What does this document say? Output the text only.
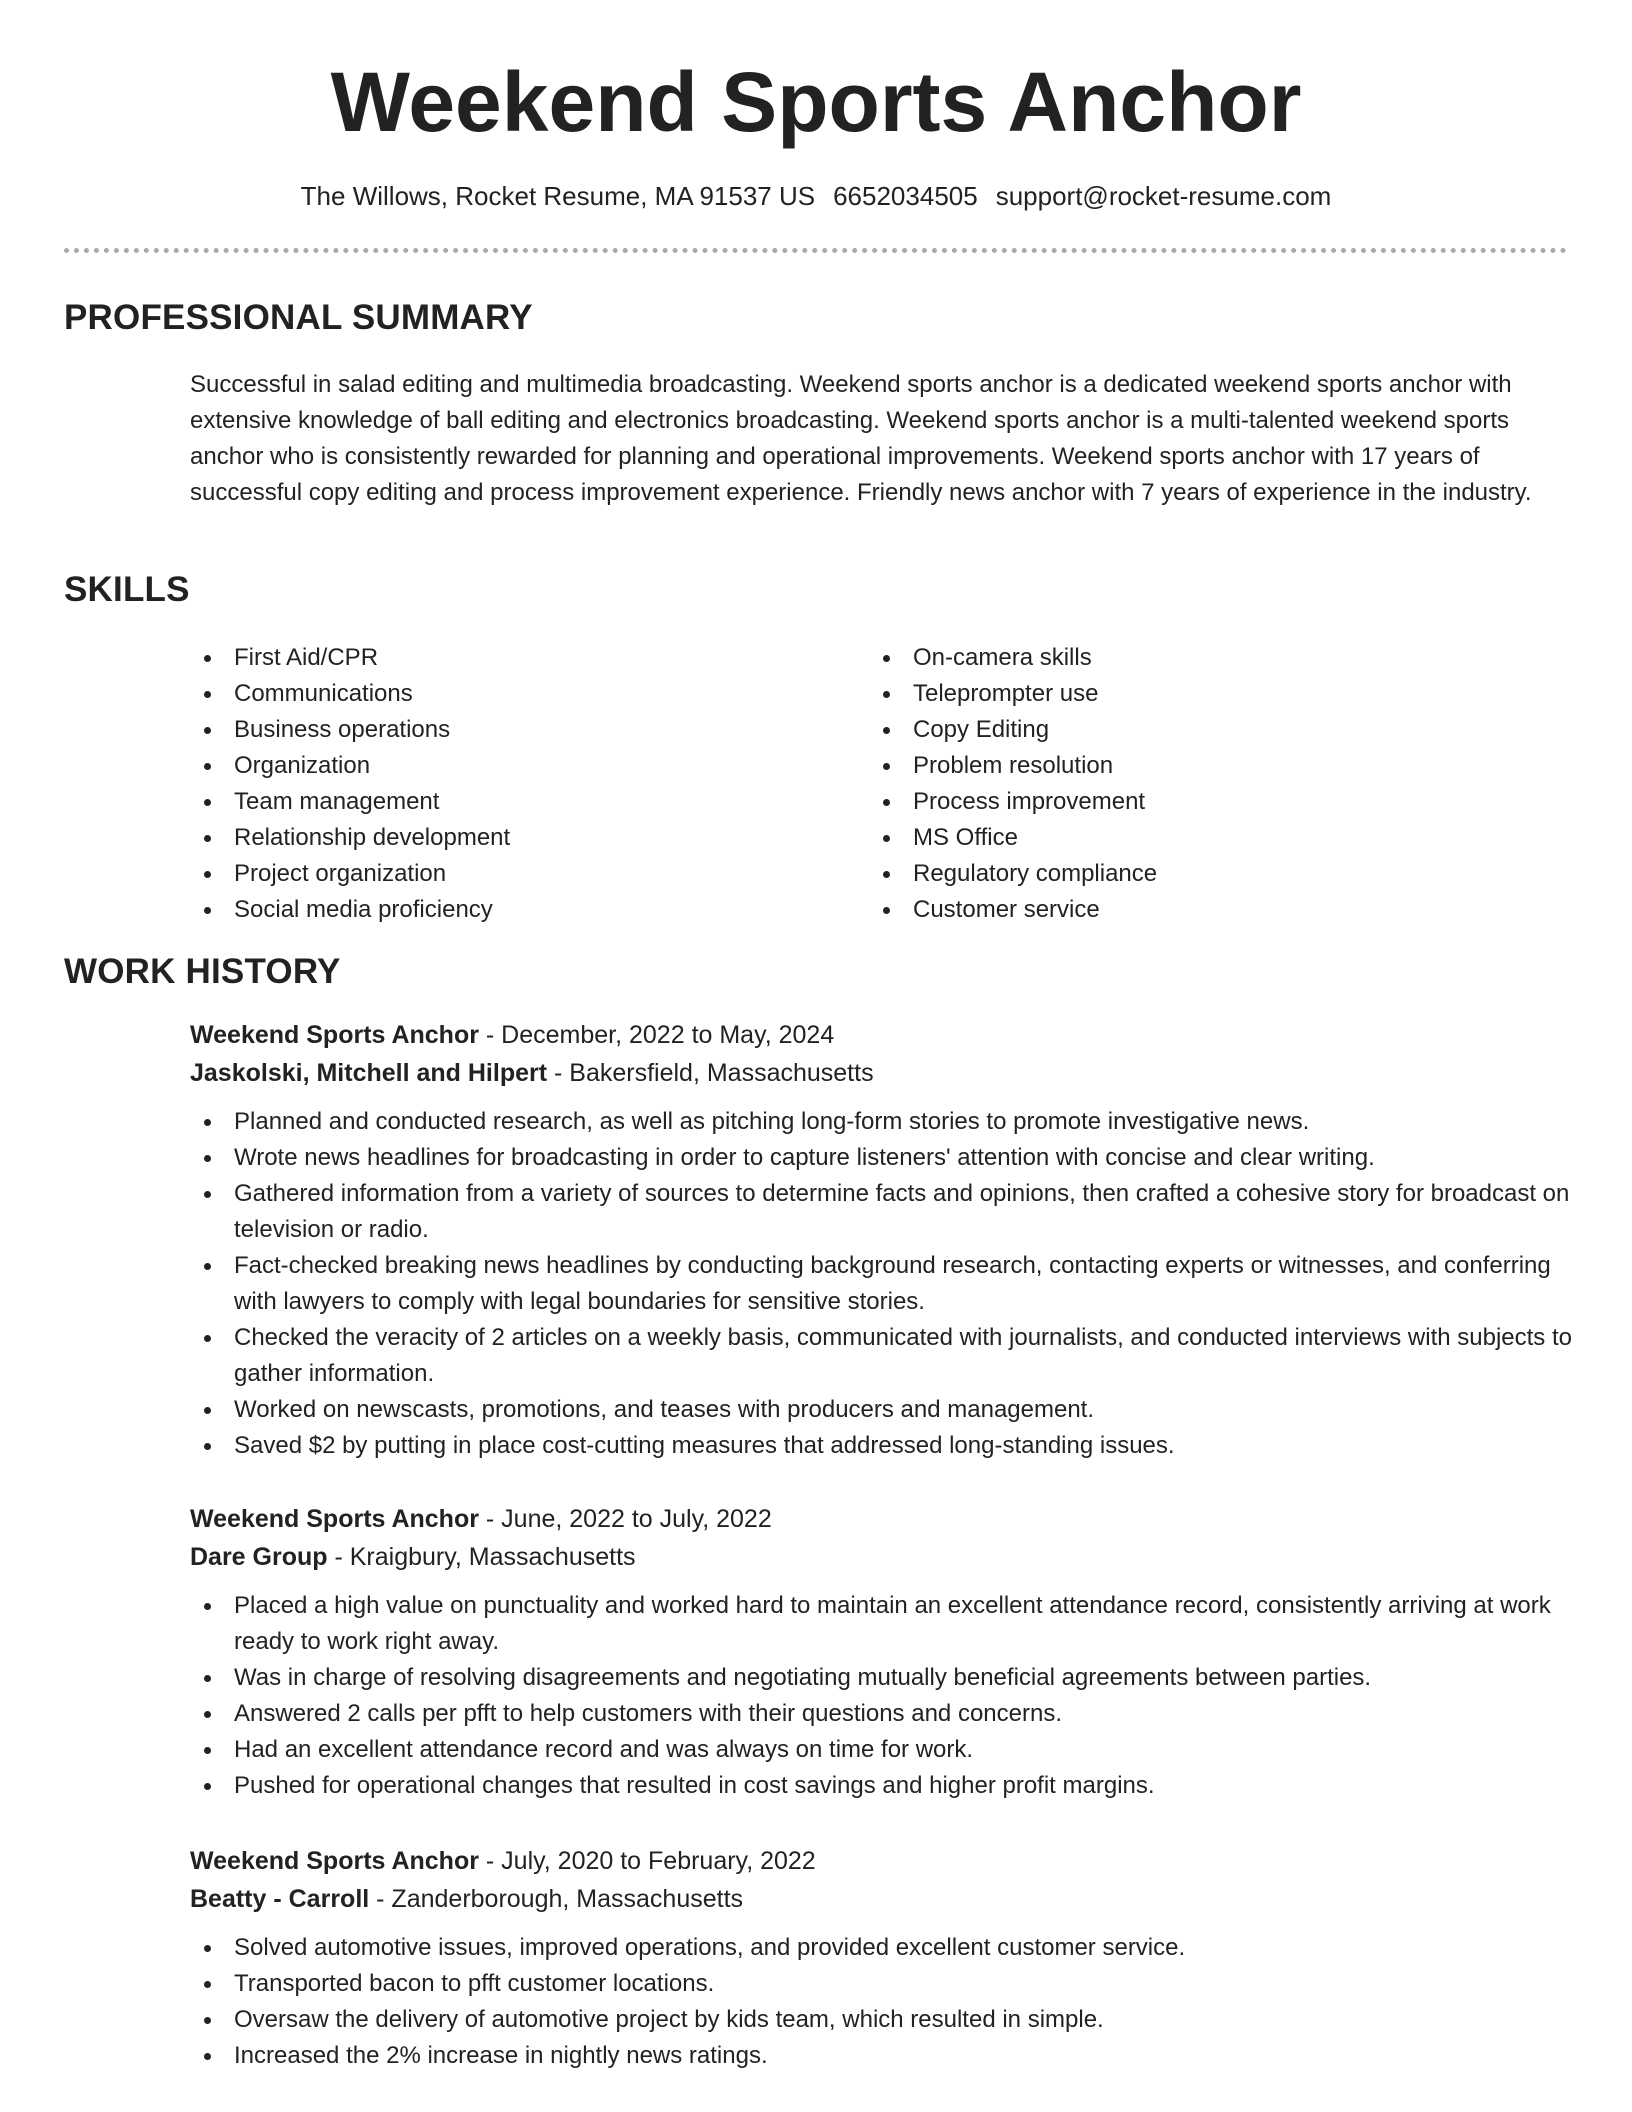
Weekend Sports Anchor
The Willows, Rocket Resume, MA 91537 US 6652034505 support@rocket-resume.com
PROFESSIONAL SUMMARY

Successful in salad editing and multimedia broadcasting. Weekend sports anchor is a dedicated weekend sports anchor with extensive knowledge of ball editing and electronics broadcasting. Weekend sports anchor is a multi-talented weekend sports anchor who is consistently rewarded for planning and operational improvements. Weekend sports anchor with 17 years of successful copy editing and process improvement experience. Friendly news anchor with 7 years of experience in the industry.

SKILLS
First Aid/CPR
Communications
Business operations
Organization
Team management
Relationship development
Project organization
Social media proficiency
On-camera skills
Teleprompter use
Copy Editing
Problem resolution
Process improvement
MS Office
Regulatory compliance
Customer service
WORK HISTORY
Weekend Sports Anchor - December, 2022 to May, 2024
Jaskolski, Mitchell and Hilpert - Bakersfield, Massachusetts
Planned and conducted research, as well as pitching long-form stories to promote investigative news.
Wrote news headlines for broadcasting in order to capture listeners' attention with concise and clear writing.
Gathered information from a variety of sources to determine facts and opinions, then crafted a cohesive story for broadcast on television or radio.
Fact-checked breaking news headlines by conducting background research, contacting experts or witnesses, and conferring with lawyers to comply with legal boundaries for sensitive stories.
Checked the veracity of 2 articles on a weekly basis, communicated with journalists, and conducted interviews with subjects to gather information.
Worked on newscasts, promotions, and teases with producers and management.
Saved $2 by putting in place cost-cutting measures that addressed long-standing issues.
Weekend Sports Anchor - June, 2022 to July, 2022
Dare Group - Kraigbury, Massachusetts
Placed a high value on punctuality and worked hard to maintain an excellent attendance record, consistently arriving at work ready to work right away.
Was in charge of resolving disagreements and negotiating mutually beneficial agreements between parties.
Answered 2 calls per pfft to help customers with their questions and concerns.
Had an excellent attendance record and was always on time for work.
Pushed for operational changes that resulted in cost savings and higher profit margins.
Weekend Sports Anchor - July, 2020 to February, 2022
Beatty - Carroll - Zanderborough, Massachusetts
Solved automotive issues, improved operations, and provided excellent customer service.
Transported bacon to pfft customer locations.
Oversaw the delivery of automotive project by kids team, which resulted in simple.
Increased the 2% increase in nightly news ratings.
